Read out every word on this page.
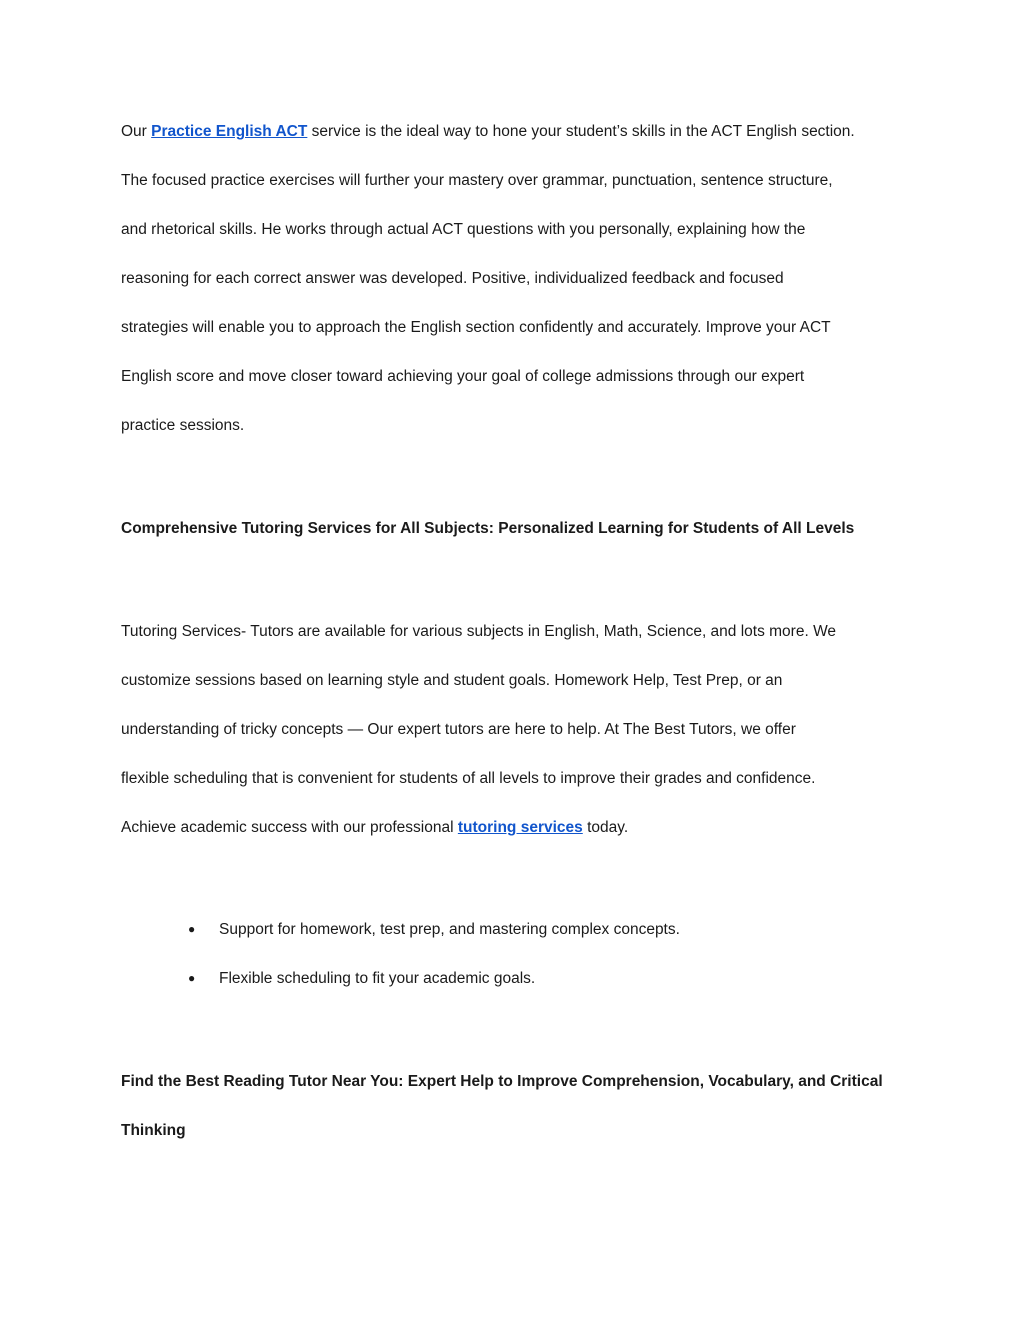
Our Practice English ACT service is the ideal way to hone your student’s skills in the ACT English section.
The focused practice exercises will further your mastery over grammar, punctuation, sentence structure,
and rhetorical skills. He works through actual ACT questions with you personally, explaining how the
reasoning for each correct answer was developed. Positive, individualized feedback and focused
strategies will enable you to approach the English section confidently and accurately. Improve your ACT
English score and move closer toward achieving your goal of college admissions through our expert
practice sessions.

Comprehensive Tutoring Services for All Subjects: Personalized Learning for Students of All Levels

Tutoring Services- Tutors are available for various subjects in English, Math, Science, and lots more. We
customize sessions based on learning style and student goals. Homework Help, Test Prep, or an
understanding of tricky concepts — Our expert tutors are here to help. At The Best Tutors, we offer
flexible scheduling that is convenient for students of all levels to improve their grades and confidence.
Achieve academic success with our professional tutoring services today.

● Support for homework, test prep, and mastering complex concepts.
● Flexible scheduling to fit your academic goals.
Find the Best Reading Tutor Near You: Expert Help to Improve Comprehension, Vocabulary, and Critical
Thinking
